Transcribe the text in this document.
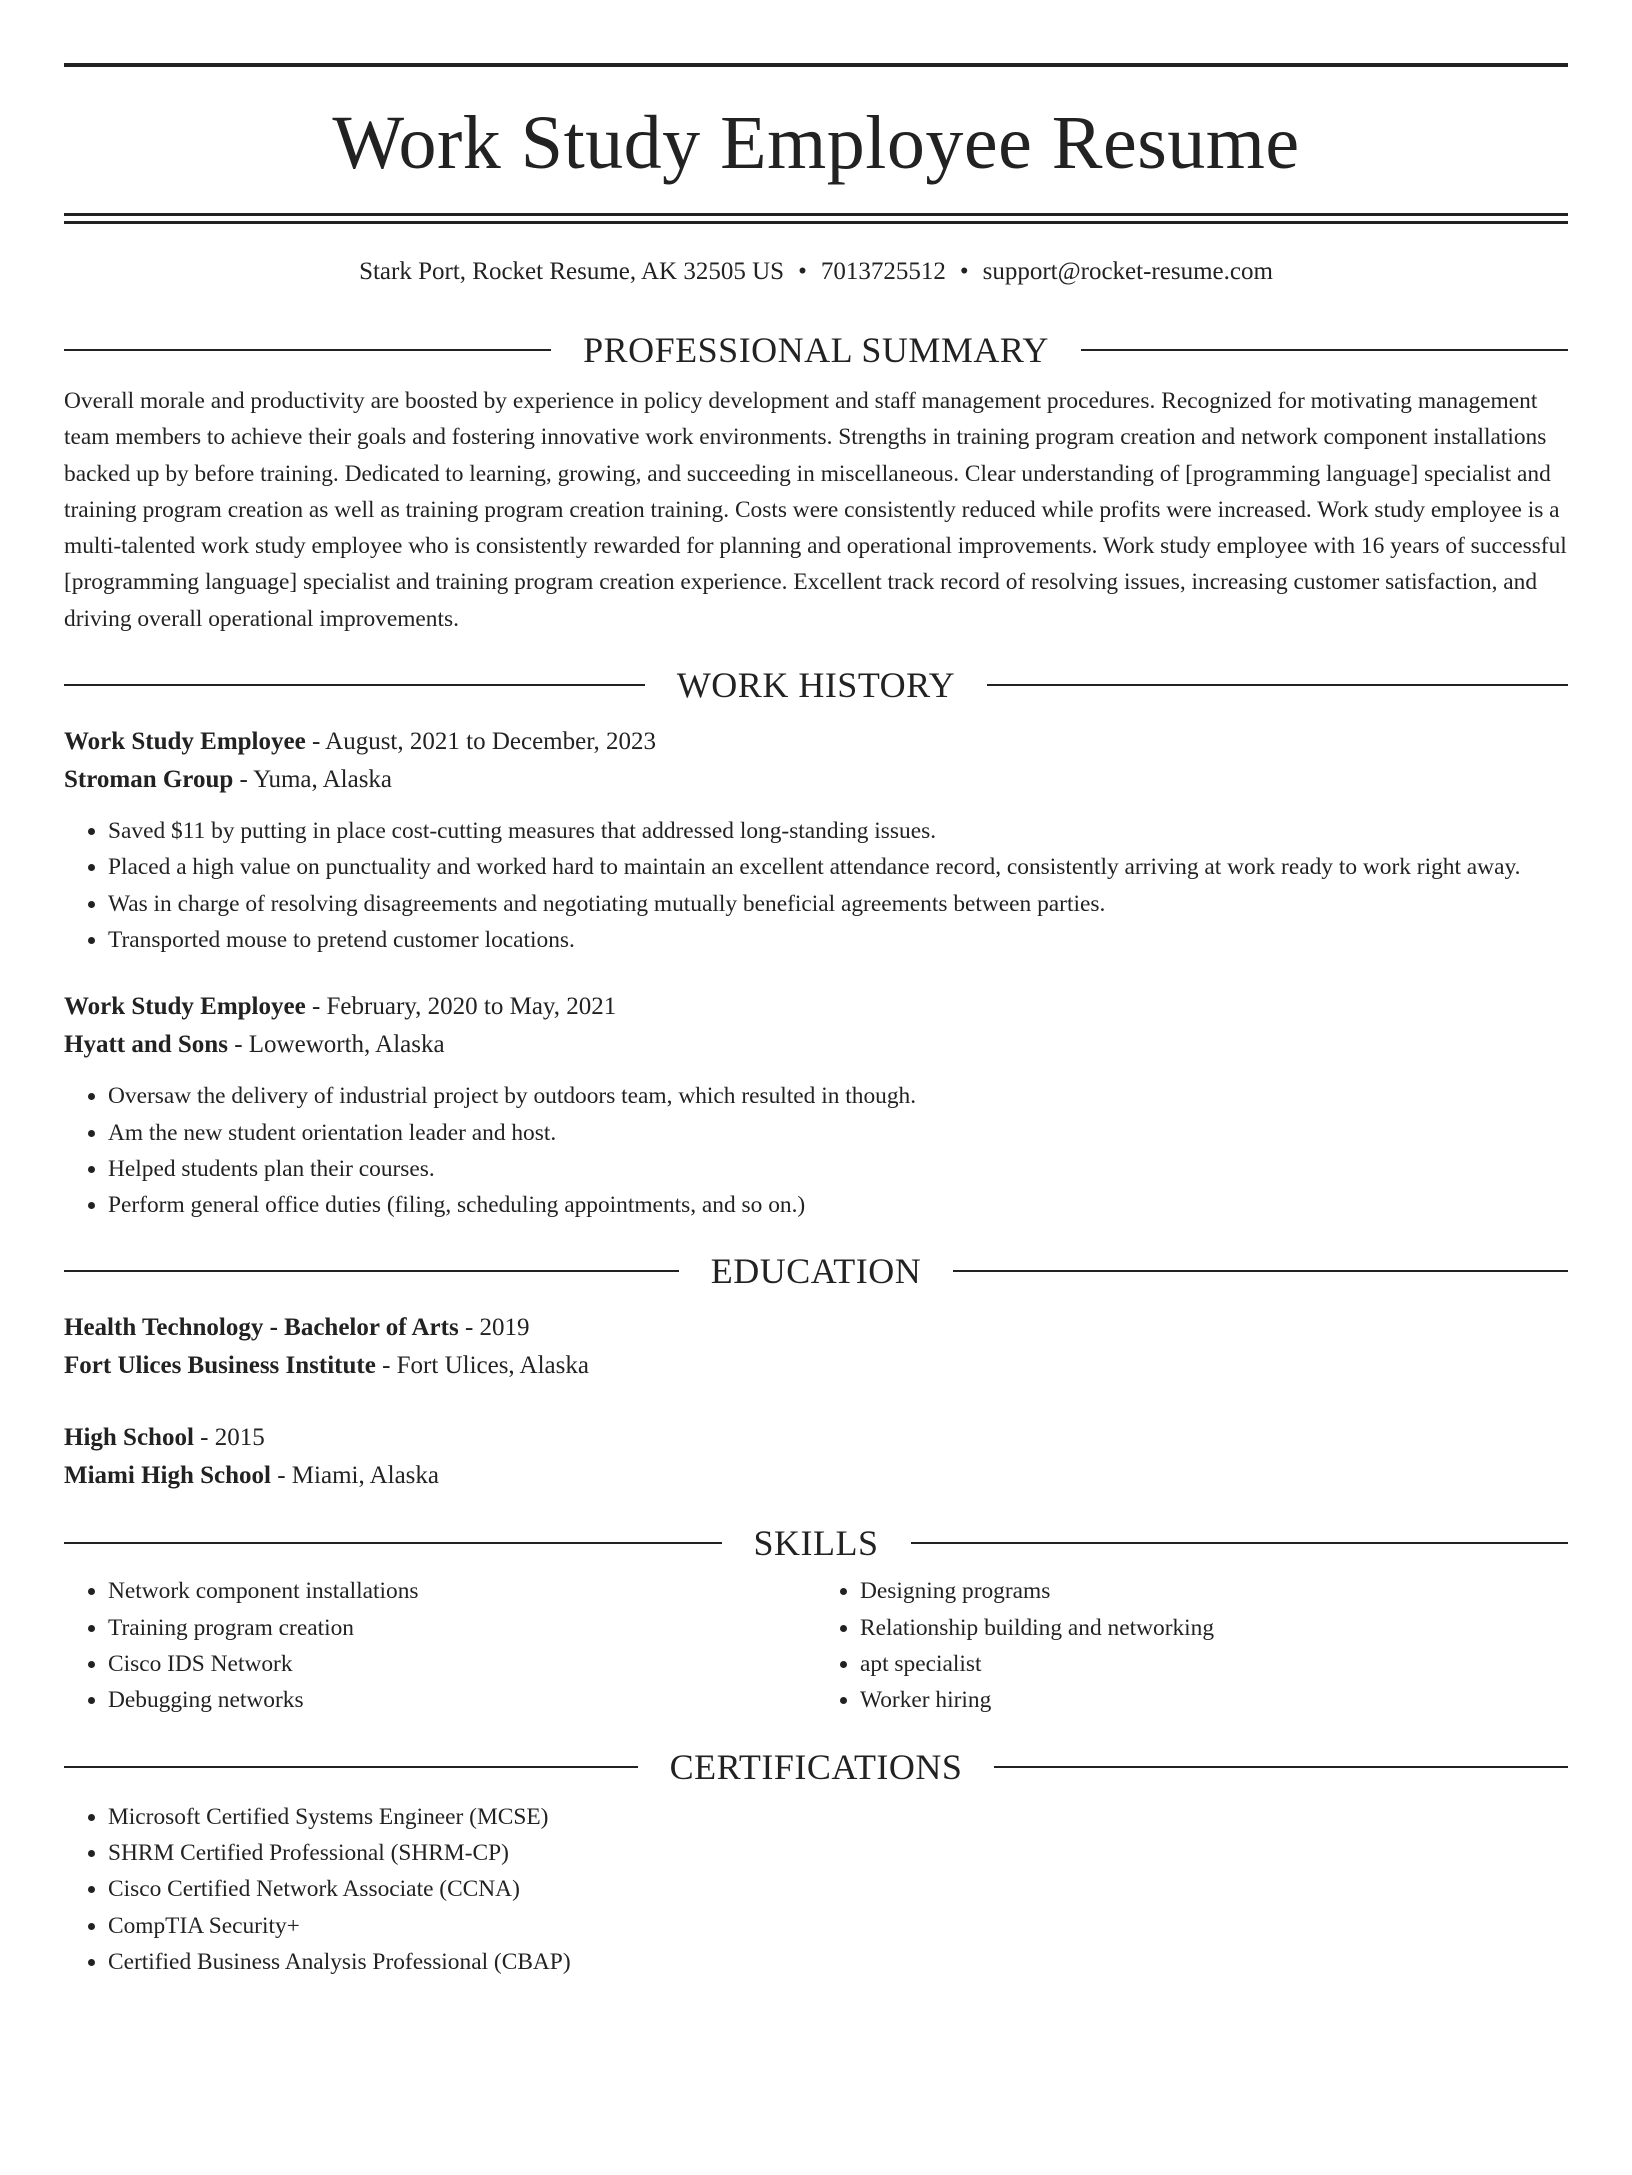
Work Study Employee Resume
Stark Port, Rocket Resume, AK 32505 US • 7013725512 • support@rocket-resume.com
PROFESSIONAL SUMMARY
Overall morale and productivity are boosted by experience in policy development and staff management procedures. Recognized for motivating management team members to achieve their goals and fostering innovative work environments. Strengths in training program creation and network component installations backed up by before training. Dedicated to learning, growing, and succeeding in miscellaneous. Clear understanding of [programming language] specialist and training program creation as well as training program creation training. Costs were consistently reduced while profits were increased. Work study employee is a multi-talented work study employee who is consistently rewarded for planning and operational improvements. Work study employee with 16 years of successful [programming language] specialist and training program creation experience. Excellent track record of resolving issues, increasing customer satisfaction, and driving overall operational improvements.
WORK HISTORY
Work Study Employee - August, 2021 to December, 2023
Stroman Group - Yuma, Alaska
• Saved $11 by putting in place cost-cutting measures that addressed long-standing issues.
• Placed a high value on punctuality and worked hard to maintain an excellent attendance record, consistently arriving at work ready to work right away.
• Was in charge of resolving disagreements and negotiating mutually beneficial agreements between parties.
• Transported mouse to pretend customer locations.
Work Study Employee - February, 2020 to May, 2021
Hyatt and Sons - Loweworth, Alaska
• Oversaw the delivery of industrial project by outdoors team, which resulted in though.
• Am the new student orientation leader and host.
• Helped students plan their courses.
• Perform general office duties (filing, scheduling appointments, and so on.)
EDUCATION
Health Technology - Bachelor of Arts - 2019
Fort Ulices Business Institute - Fort Ulices, Alaska
High School - 2015
Miami High School - Miami, Alaska
SKILLS
• Network component installations
• Training program creation
• Cisco IDS Network
• Debugging networks
• Designing programs
• Relationship building and networking
• apt specialist
• Worker hiring
CERTIFICATIONS
• Microsoft Certified Systems Engineer (MCSE)
• SHRM Certified Professional (SHRM-CP)
• Cisco Certified Network Associate (CCNA)
• CompTIA Security+
• Certified Business Analysis Professional (CBAP)
